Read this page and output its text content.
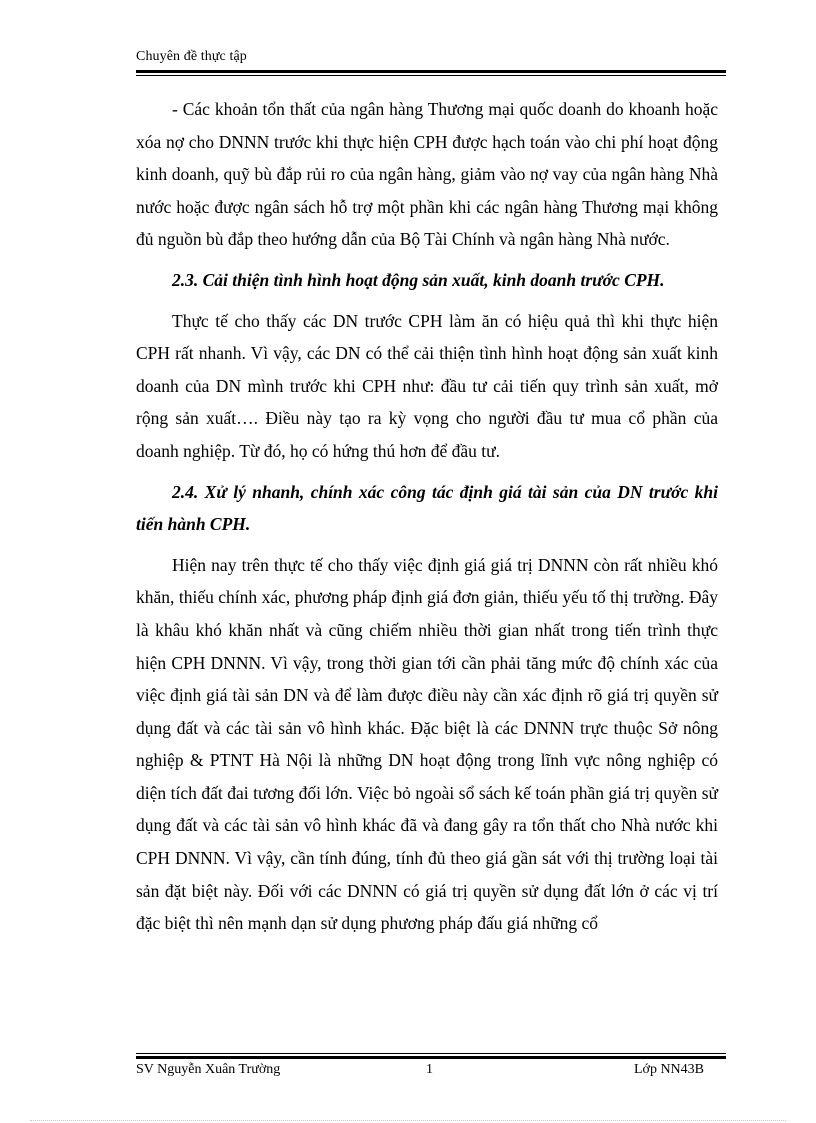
Chuyên đề thực tập

- Các khoản tổn thất của ngân hàng Thương mại quốc doanh do khoanh hoặc xóa nợ cho DNNN trước khi thực hiện CPH được hạch toán vào chi phí hoạt động kinh doanh, quỹ bù đắp rủi ro của ngân hàng, giảm vào nợ vay của ngân hàng Nhà nước hoặc được ngân sách hỗ trợ một phần khi các ngân hàng Thương mại không đủ nguồn bù đắp theo hướng dẫn của Bộ Tài Chính và ngân hàng Nhà nước.

2.3. Cải thiện tình hình hoạt động sản xuất, kinh doanh trước CPH.

Thực tế cho thấy các DN trước CPH làm ăn có hiệu quả thì khi thực hiện CPH rất nhanh. Vì vậy, các DN có thể cải thiện tình hình hoạt động sản xuất kinh doanh của DN mình trước khi CPH như: đầu tư cải tiến quy trình sản xuất, mở rộng sản xuất…. Điều này tạo ra kỳ vọng cho người đầu tư mua cổ phần của doanh nghiệp. Từ đó, họ có hứng thú hơn để đầu tư.

2.4. Xử lý nhanh, chính xác công tác định giá tài sản của DN trước khi tiến hành CPH.

Hiện nay trên thực tế cho thấy việc định giá giá trị DNNN còn rất nhiều khó khăn, thiếu chính xác, phương pháp định giá đơn giản, thiếu yếu tố thị trường. Đây là khâu khó khăn nhất và cũng chiếm nhiều thời gian nhất trong tiến trình thực hiện CPH DNNN. Vì vậy, trong thời gian tới cần phải tăng mức độ chính xác của việc định giá tài sản DN và để làm được điều này cần xác định rõ giá trị quyền sử dụng đất và các tài sản vô hình khác. Đặc biệt là các DNNN trực thuộc Sở nông nghiệp & PTNT Hà Nội là những DN hoạt động trong lĩnh vực nông nghiệp có diện tích đất đai tương đối lớn. Việc bỏ ngoài sổ sách kế toán phần giá trị quyền sử dụng đất và các tài sản vô hình khác đã và đang gây ra tổn thất cho Nhà nước khi CPH DNNN. Vì vậy, cần tính đúng, tính đủ theo giá gần sát với thị trường loại tài sản đặt biệt này. Đối với các DNNN có giá trị quyền sử dụng đất lớn ở các vị trí đặc biệt thì nên mạnh dạn sử dụng phương pháp đấu giá những cổ

SV Nguyễn Xuân Trường	1	Lớp NN43B
